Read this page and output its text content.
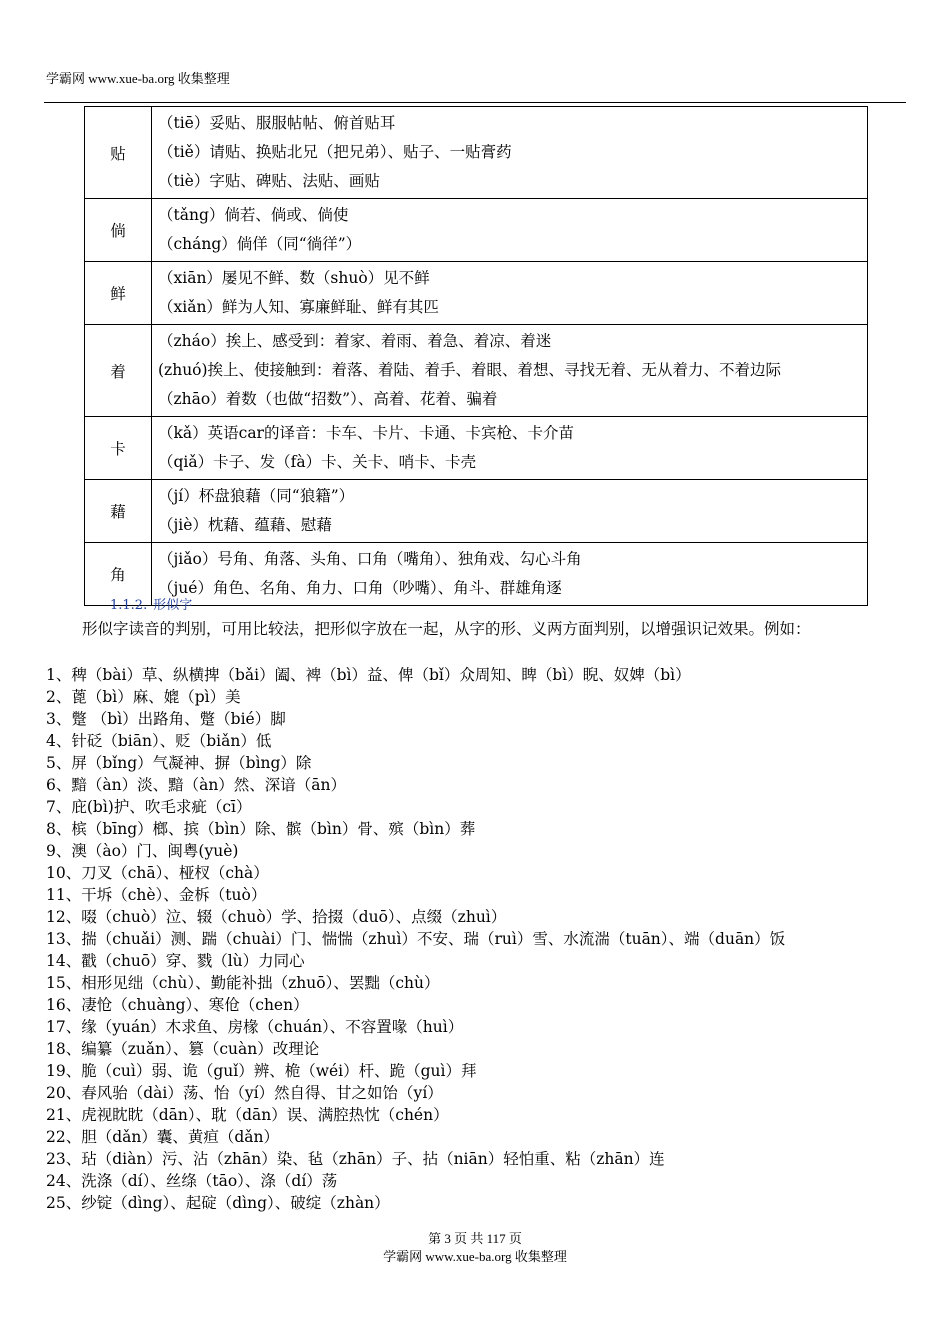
学霸网 www.xue-ba.org 收集整理
贴	（tiē）妥贴、服服帖帖、俯首贴耳
（tiě）请贴、换贴北兄（把兄弟）、贴子、一贴膏药
（tiè）字贴、碑贴、法贴、画贴

倘	（tǎng）倘若、倘或、倘使
（cháng）倘佯（同“徜徉”）

鲜	（xiān）屡见不鲜、数（shuò）见不鲜
（xiǎn）鲜为人知、寡廉鲜耻、鲜有其匹

着	（zháo）挨上、感受到：着家、着雨、着急、着凉、着迷
(zhuó)挨上、使接触到：着落、着陆、着手、着眼、着想、寻找无着、无从着力、不着边际
（zhāo）着数（也做“招数”）、高着、花着、骗着

卡	（kǎ）英语car的译音：卡车、卡片、卡通、卡宾枪、卡介苗
（qiǎ）卡子、发（fà）卡、关卡、哨卡、卡壳

藉	（jí）杯盘狼藉（同“狼籍”）
（jiè）枕藉、蕴藉、慰藉

角	（jiǎo）号角、角落、头角、口角（嘴角）、独角戏、勾心斗角
（jué）角色、名角、角力、口角（吵嘴）、角斗、群雄角逐
1.1.2. 形似字
形似字读音的判别，可用比较法，把形似字放在一起，从字的形、义两方面判别，以增强识记效果。例如：
1、稗（bài）草、纵横捭（bǎi）阖、裨（bì）益、俾（bǐ）众周知、睥（bì）睨、奴婢（bì）
2、蓖（bì）麻、媲（pì）美
3、蹩 （bì）出路角、蹩（bié）脚
4、针砭（biān）、贬（biǎn）低
5、屏（bǐng）气凝神、摒（bìng）除
6、黯（àn）淡、黯（àn）然、深谙（ān）
7、庇(bì)护、吹毛求疵（cī）
8、槟（bīng）榔、摈（bìn）除、髌（bìn）骨、殡（bìn）葬
9、澳（ào）门、闽粤(yuè)
10、刀叉（chā）、桠杈（chà）
11、干坼（chè）、金柝（tuò）
12、啜（chuò）泣、辍（chuò）学、拾掇（duō）、点缀（zhuì）
13、揣（chuǎi）测、踹（chuài）门、惴惴（zhuì）不安、瑞（ruì）雪、水流湍（tuān）、端（duān）饭
14、戳（chuō）穿、戮（lù）力同心
15、相形见绌（chù）、勤能补拙（zhuō）、罢黜（chù）
16、凄怆（chuàng）、寒伧（chen）
17、缘（yuán）木求鱼、房椽（chuán）、不容置喙（huì）
18、编纂（zuǎn）、篡（cuàn）改理论
19、脆（cuì）弱、诡（guǐ）辨、桅（wéi）杆、跪（guì）拜
20、春风骀（dài）荡、怡（yí）然自得、甘之如饴（yí）
21、虎视眈眈（dān）、耽（dān）误、满腔热忱（chén）
22、胆（dǎn）囊、黄疸（dǎn）
23、玷（diàn）污、沾（zhān）染、毡（zhān）子、拈（niān）轻怕重、粘（zhān）连
24、洗涤（dí）、丝绦（tāo）、涤（dí）荡
25、纱锭（dìng）、起碇（dìng）、破绽（zhàn）
第 3 页 共 117 页
学霸网 www.xue-ba.org 收集整理
